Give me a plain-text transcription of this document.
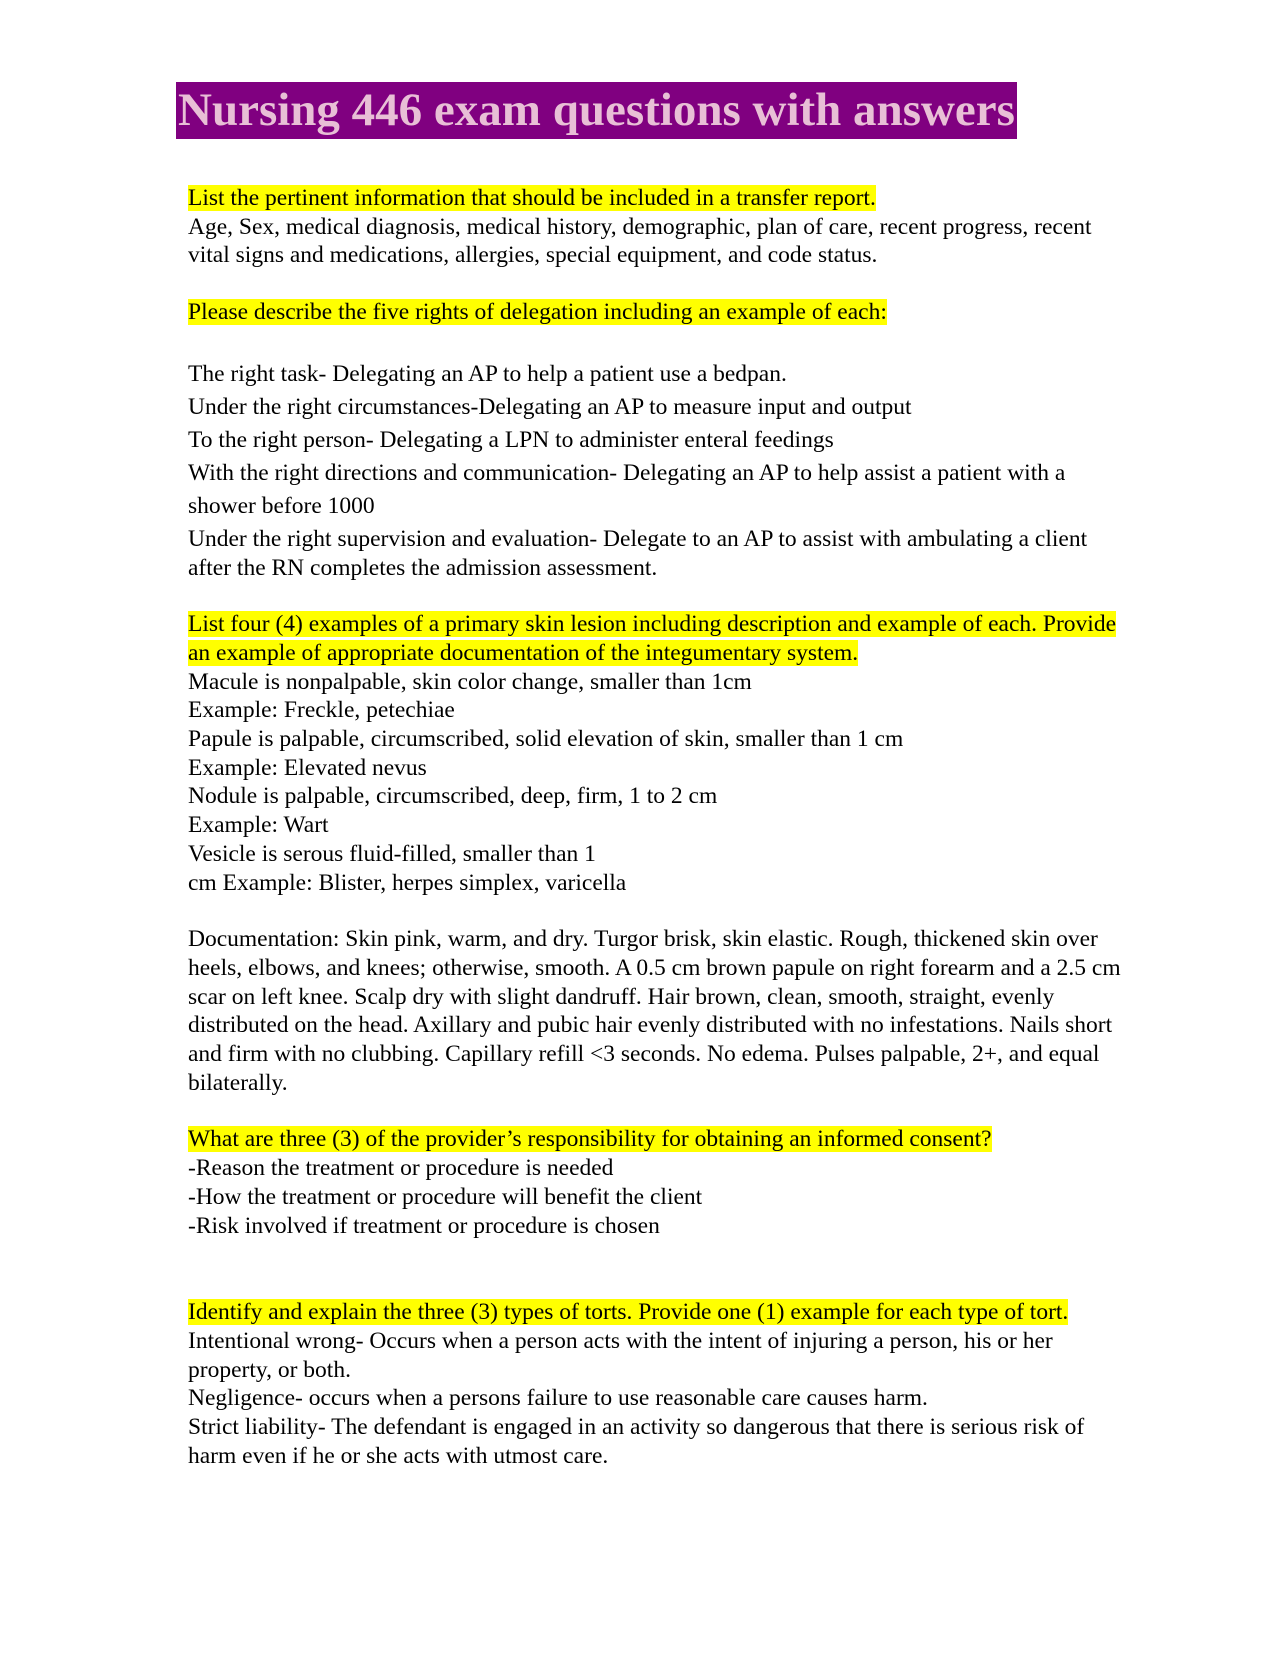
Nursing 446 exam questions with answers
List the pertinent information that should be included in a transfer report.
Age, Sex, medical diagnosis, medical history, demographic, plan of care, recent progress, recent
vital signs and medications, allergies, special equipment, and code status.
Please describe the five rights of delegation including an example of each:
The right task- Delegating an AP to help a patient use a bedpan.
Under the right circumstances-Delegating an AP to measure input and output
To the right person- Delegating a LPN to administer enteral feedings
With the right directions and communication- Delegating an AP to help assist a patient with a
shower before 1000
Under the right supervision and evaluation- Delegate to an AP to assist with ambulating a client
after the RN completes the admission assessment.
List four (4) examples of a primary skin lesion including description and example of each. Provide
an example of appropriate documentation of the integumentary system.
Macule is nonpalpable, skin color change, smaller than 1cm
Example: Freckle, petechiae
Papule is palpable, circumscribed, solid elevation of skin, smaller than 1 cm
Example: Elevated nevus
Nodule is palpable, circumscribed, deep, firm, 1 to 2 cm
Example: Wart
Vesicle is serous fluid-filled, smaller than 1
cm Example: Blister, herpes simplex, varicella
Documentation: Skin pink, warm, and dry. Turgor brisk, skin elastic. Rough, thickened skin over
heels, elbows, and knees; otherwise, smooth. A 0.5 cm brown papule on right forearm and a 2.5 cm
scar on left knee. Scalp dry with slight dandruff. Hair brown, clean, smooth, straight, evenly
distributed on the head. Axillary and pubic hair evenly distributed with no infestations. Nails short
and firm with no clubbing. Capillary refill <3 seconds. No edema. Pulses palpable, 2+, and equal
bilaterally.
What are three (3) of the provider’s responsibility for obtaining an informed consent?
-Reason the treatment or procedure is needed
-How the treatment or procedure will benefit the client
-Risk involved if treatment or procedure is chosen
Identify and explain the three (3) types of torts. Provide one (1) example for each type of tort.
Intentional wrong- Occurs when a person acts with the intent of injuring a person, his or her
property, or both.
Negligence- occurs when a persons failure to use reasonable care causes harm.
Strict liability- The defendant is engaged in an activity so dangerous that there is serious risk of
harm even if he or she acts with utmost care.
